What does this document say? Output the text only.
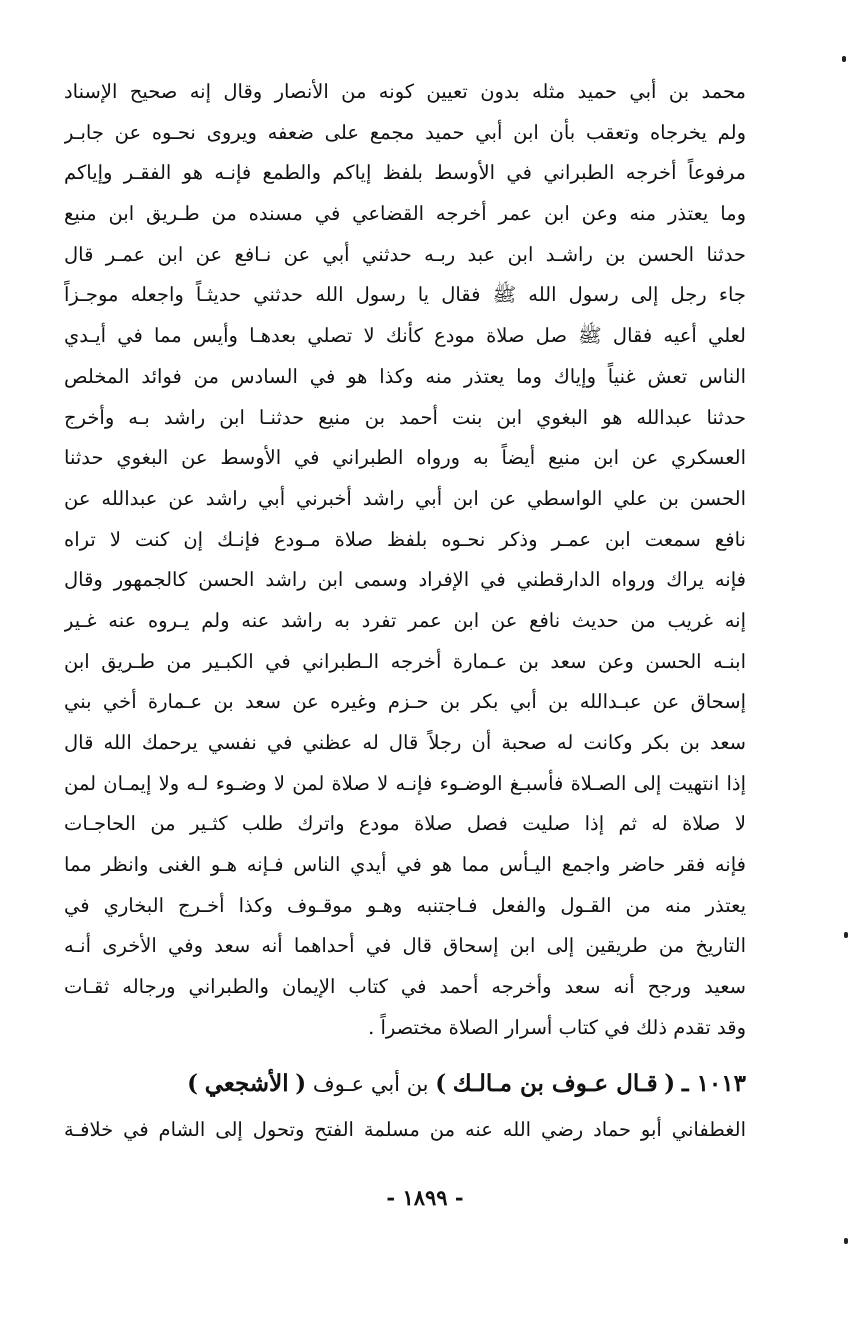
محمد بن أبي حميد مثله بدون تعيين كونه من الأنصار وقال إنه صحيح الإسناد
ولم يخرجاه وتعقب بأن ابن أبي حميد مجمع على ضعفه ويروى نحـوه عن جابـر
مرفوعاً أخرجه الطبراني في الأوسط بلفظ إياكم والطمع فإنـه هو الفقـر وإياكم
وما يعتذر منه وعن ابن عمر أخرجه القضاعي في مسنده من طـريق ابن منيع
حدثنا الحسن بن راشـد ابن عبد ربـه حدثني أبي عن نـافع عن ابن عمـر قال
جاء رجل إلى رسول الله ﷺ فقال يا رسول الله حدثني حديثـاً واجعله موجـزاً
لعلي أعيه فقال ﷺ صل صلاة مودع كأنك لا تصلي بعدهـا وأيس مما في أيـدي
الناس تعش غنياً وإياك وما يعتذر منه وكذا هو في السادس من فوائد المخلص
حدثنا عبدالله هو البغوي ابن بنت أحمد بن منيع حدثنـا ابن راشد بـه وأخرج
العسكري عن ابن منيع أيضاً به ورواه الطبراني في الأوسط عن البغوي حدثنا
الحسن بن علي الواسطي عن ابن أبي راشد أخبرني أبي راشد عن عبدالله عن
نافع سمعت ابن عمـر وذكر نحـوه بلفظ صلاة مـودع فإنـك إن كنت لا تراه
فإنه يراك ورواه الدارقطني في الإفراد وسمى ابن راشد الحسن كالجمهور وقال
إنه غريب من حديث نافع عن ابن عمر تفرد به راشد عنه ولم يـروه عنه غـير
ابنـه الحسن وعن سعد بن عـمارة أخرجه الـطبراني في الكبـير من طـريق ابن
إسحاق عن عبـدالله بن أبي بكر بن حـزم وغيره عن سعد بن عـمارة أخي بني
سعد بن بكر وكانت له صحبة أن رجلاً قال له عظني في نفسي يرحمك الله قال
إذا انتهيت إلى الصـلاة فأسبـغ الوضـوء فإنـه لا صلاة لمن لا وضـوء لـه ولا إيمـان لمن
لا صلاة له ثم إذا صليت فصل صلاة مودع واترك طلب كثـير من الحاجـات
فإنه فقر حاضر واجمع اليـأس مما هو في أيدي الناس فـإنه هـو الغنى وانظر مما
يعتذر منه من القـول والفعل فـاجتنبه وهـو موقـوف وكذا أخـرج البخاري في
التاريخ من طريقين إلى ابن إسحاق قال في أحداهما أنه سعد وفي الأخرى أنـه
سعيد ورجح أنه سعد وأخرجه أحمد في كتاب الإيمان والطبراني ورجاله ثقـات
وقد تقدم ذلك في كتاب أسرار الصلاة مختصراً .
١٠١٣ ـ ( قـال عـوف بن مـالـك ) بن أبي عـوف ( الأشجعي )
الغطفاني أبو حماد رضي الله عنه من مسلمة الفتح وتحول إلى الشام في خلافـة
- ١٨٩٩ -
